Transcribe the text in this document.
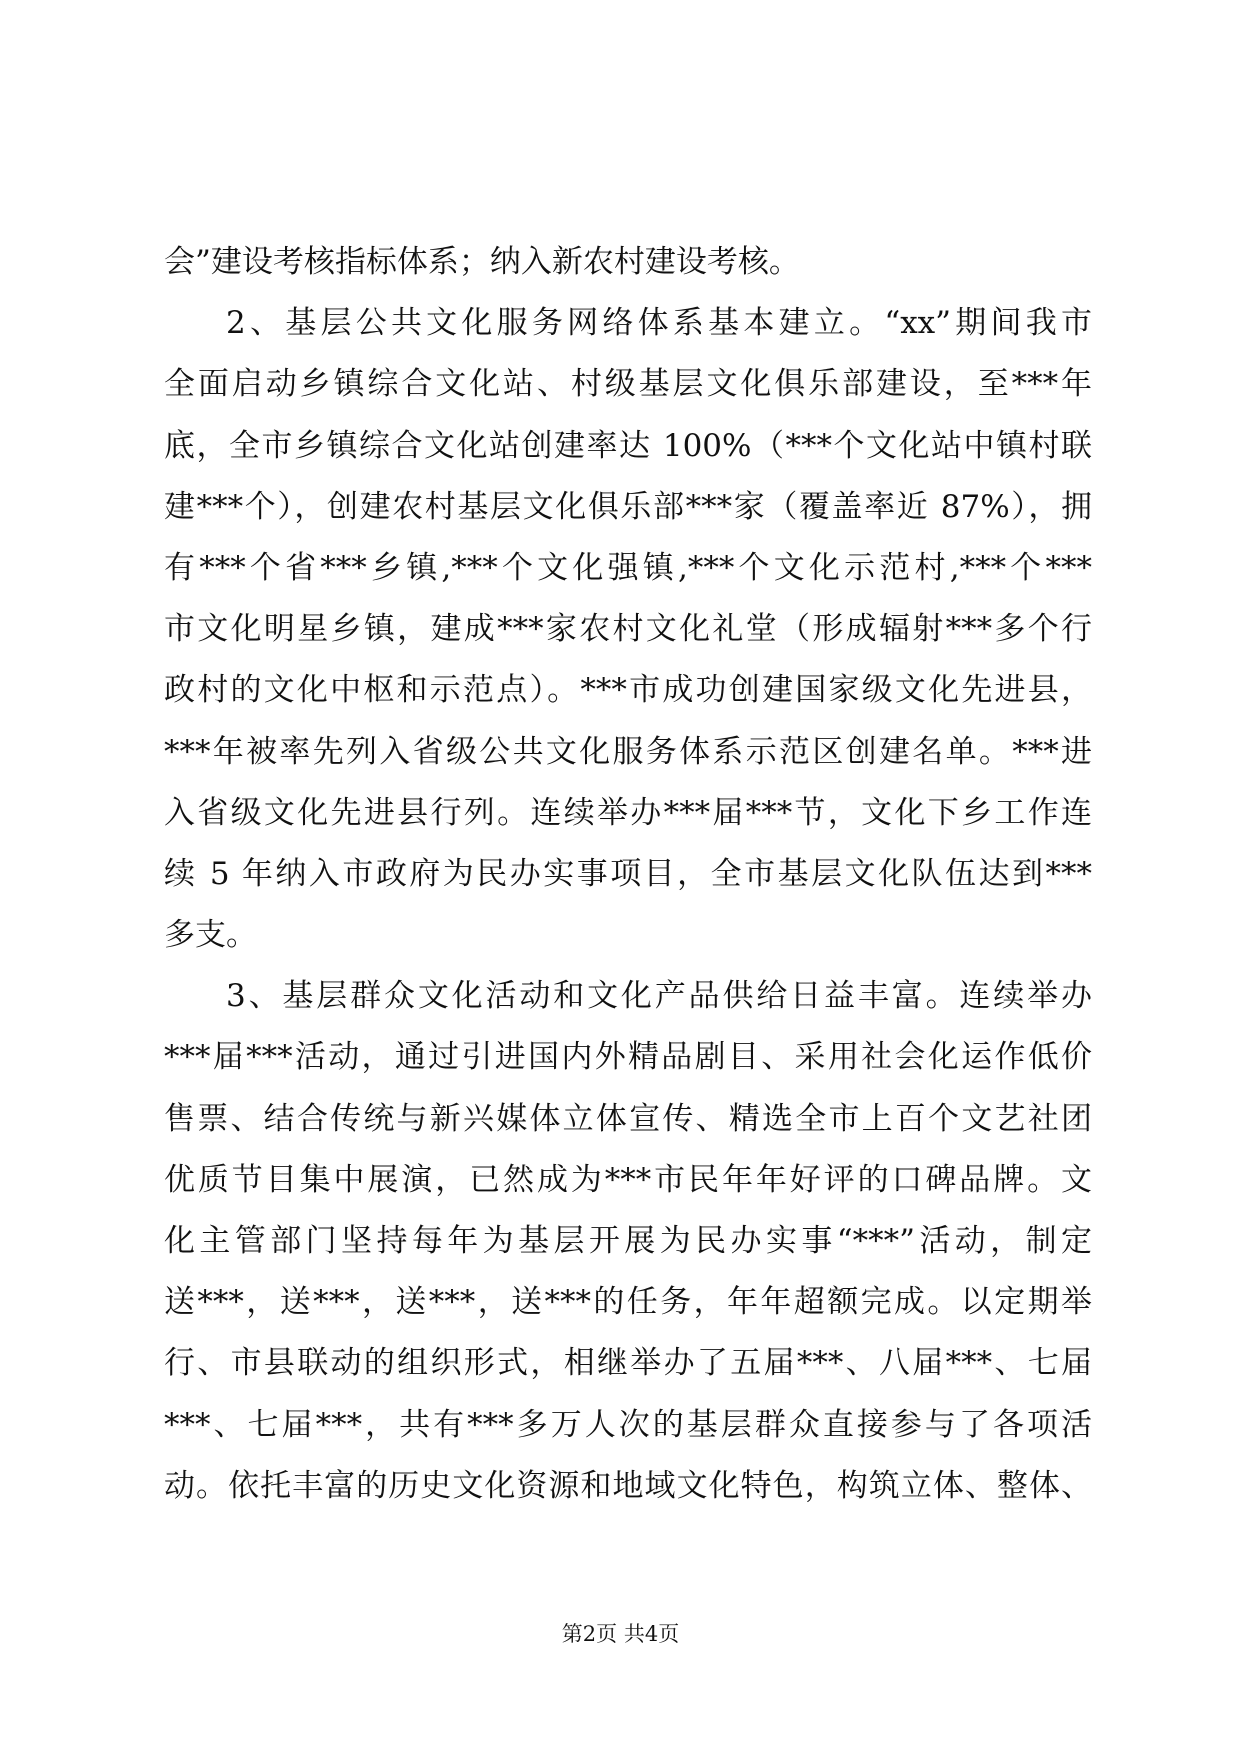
会”建设考核指标体系；纳入新农村建设考核。
2、基层公共文化服务网络体系基本建立。“xx”期间我市
全面启动乡镇综合文化站、村级基层文化俱乐部建设，至***年
底，全市乡镇综合文化站创建率达 100%（***个文化站中镇村联
建***个），创建农村基层文化俱乐部***家（覆盖率近 87%），拥
有***个省***乡镇,***个文化强镇,***个文化示范村,***个***
市文化明星乡镇，建成***家农村文化礼堂（形成辐射***多个行
政村的文化中枢和示范点）。***市成功创建国家级文化先进县，
***年被率先列入省级公共文化服务体系示范区创建名单。***进
入省级文化先进县行列。连续举办***届***节，文化下乡工作连
续 5 年纳入市政府为民办实事项目，全市基层文化队伍达到***
多支。
3、基层群众文化活动和文化产品供给日益丰富。连续举办
***届***活动，通过引进国内外精品剧目、采用社会化运作低价
售票、结合传统与新兴媒体立体宣传、精选全市上百个文艺社团
优质节目集中展演，已然成为***市民年年好评的口碑品牌。文
化主管部门坚持每年为基层开展为民办实事“***”活动，制定
送***，送***，送***，送***的任务，年年超额完成。以定期举
行、市县联动的组织形式，相继举办了五届***、八届***、七届
***、七届***，共有***多万人次的基层群众直接参与了各项活
动。依托丰富的历史文化资源和地域文化特色，构筑立体、整体、
第2页 共4页
